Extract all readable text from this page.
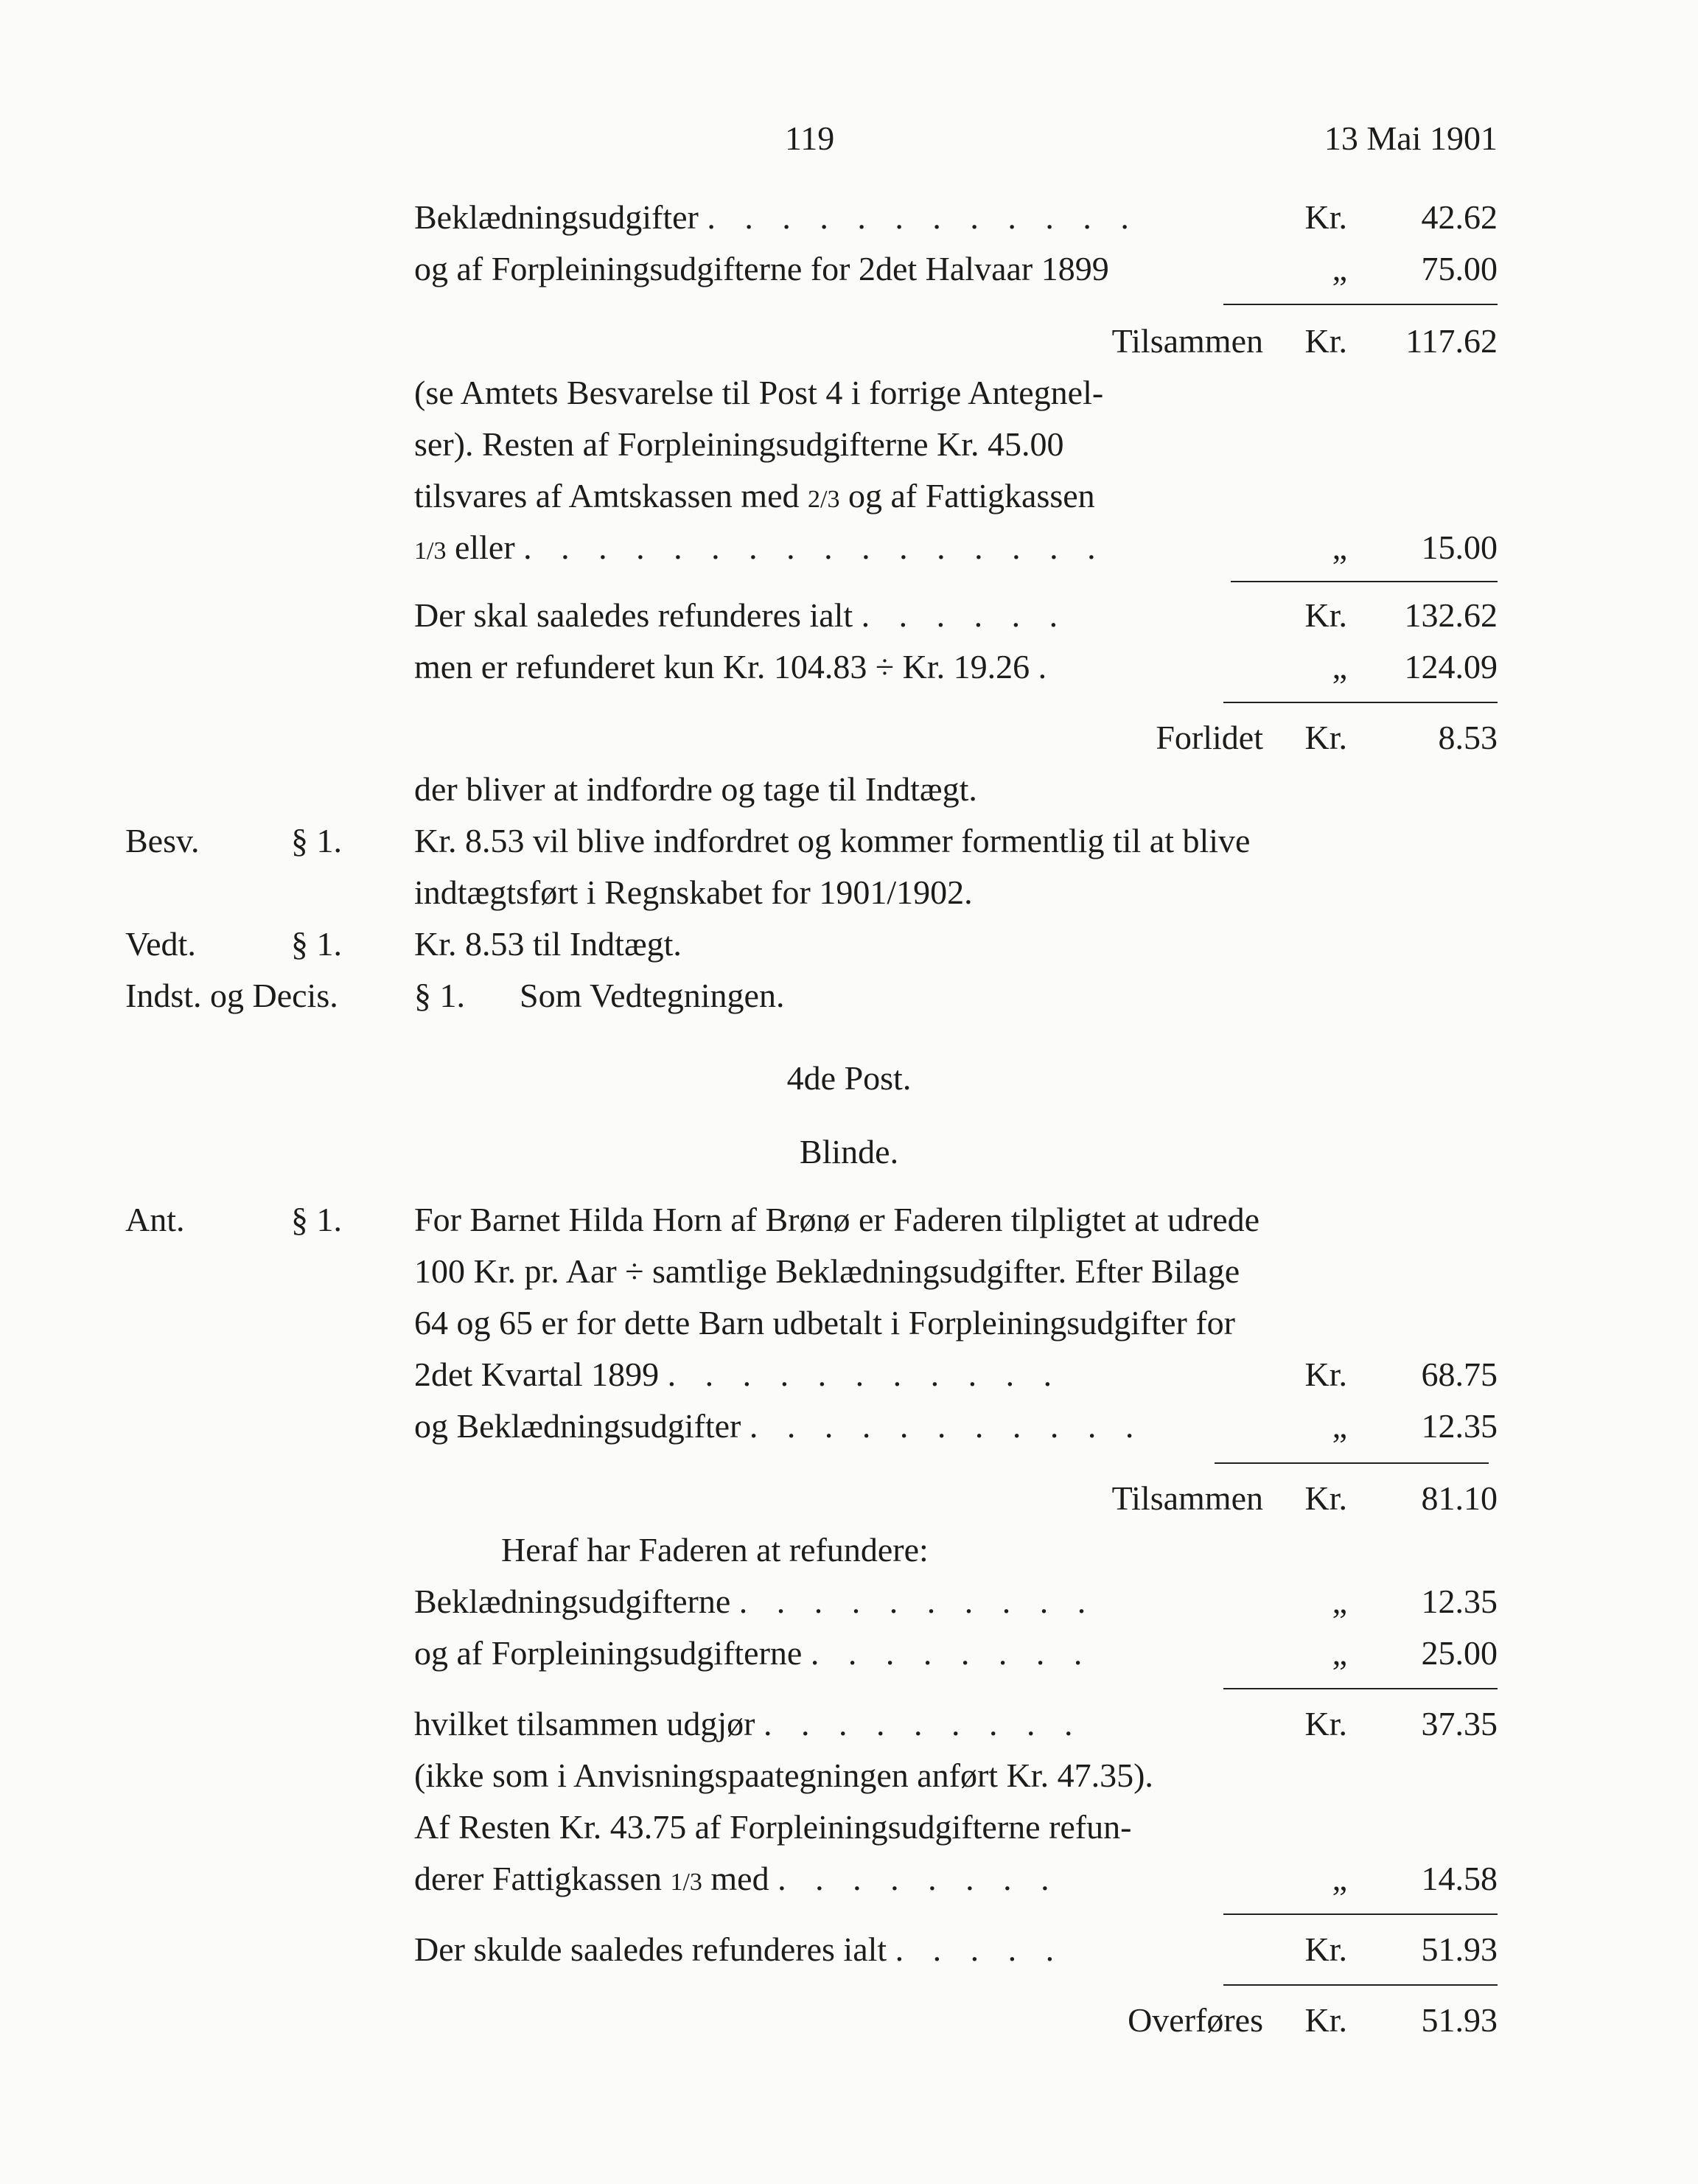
119	13 Mai 1901
Beklædningsudgifter . . . . . . . . . . . .	Kr. 42.62
og af Forpleiningsudgifterne for 2det Halvaar 1899	„ 75.00
Tilsammen Kr. 117.62
(se Amtets Besvarelse til Post 4 i forrige Antegnel-
ser). Resten af Forpleiningsudgifterne Kr. 45.00
tilsvares af Amtskassen med 2/3 og af Fattigkassen
1/3 eller . . . . . . . . . . . . . . . .	„ 15.00
Der skal saaledes refunderes ialt . . . . . .	Kr. 132.62
men er refunderet kun Kr. 104.83 ÷ Kr. 19.26 .	„ 124.09
Forlidet Kr.	8.53
der bliver at indfordre og tage til Indtægt.
Besv.	§ 1. Kr. 8.53 vil blive indfordret og kommer formentlig til at blive
indtægtsført i Regnskabet for 1901/1902.
Vedt.	§ 1. Kr. 8.53 til Indtægt.
Indst. og Decis. § 1. Som Vedtegningen.
4de Post.
Blinde.
Ant.	§ 1. For Barnet Hilda Horn af Brønø er Faderen tilpligtet at udrede
100 Kr. pr. Aar ÷ samtlige Beklædningsudgifter. Efter Bilage
64 og 65 er for dette Barn udbetalt i Forpleiningsudgifter for
2det Kvartal 1899 . . . . . . . . . . .	Kr. 68.75
og Beklædningsudgifter . . . . . . . . . . .	„ 12.35
Tilsammen Kr. 81.10
Heraf har Faderen at refundere:
Beklædningsudgifterne . . . . . . . . . .	„ 12.35
og af Forpleiningsudgifterne . . . . . . . .	„ 25.00
hvilket tilsammen udgjør . . . . . . . . .	Kr. 37.35
(ikke som i Anvisningspaategningen anført Kr. 47.35).
Af Resten Kr. 43.75 af Forpleiningsudgifterne refun-
derer Fattigkassen 1/3 med . . . . . . . .	„ 14.58
Der skulde saaledes refunderes ialt . . . . .	Kr. 51.93
Overføres Kr. 51.93
